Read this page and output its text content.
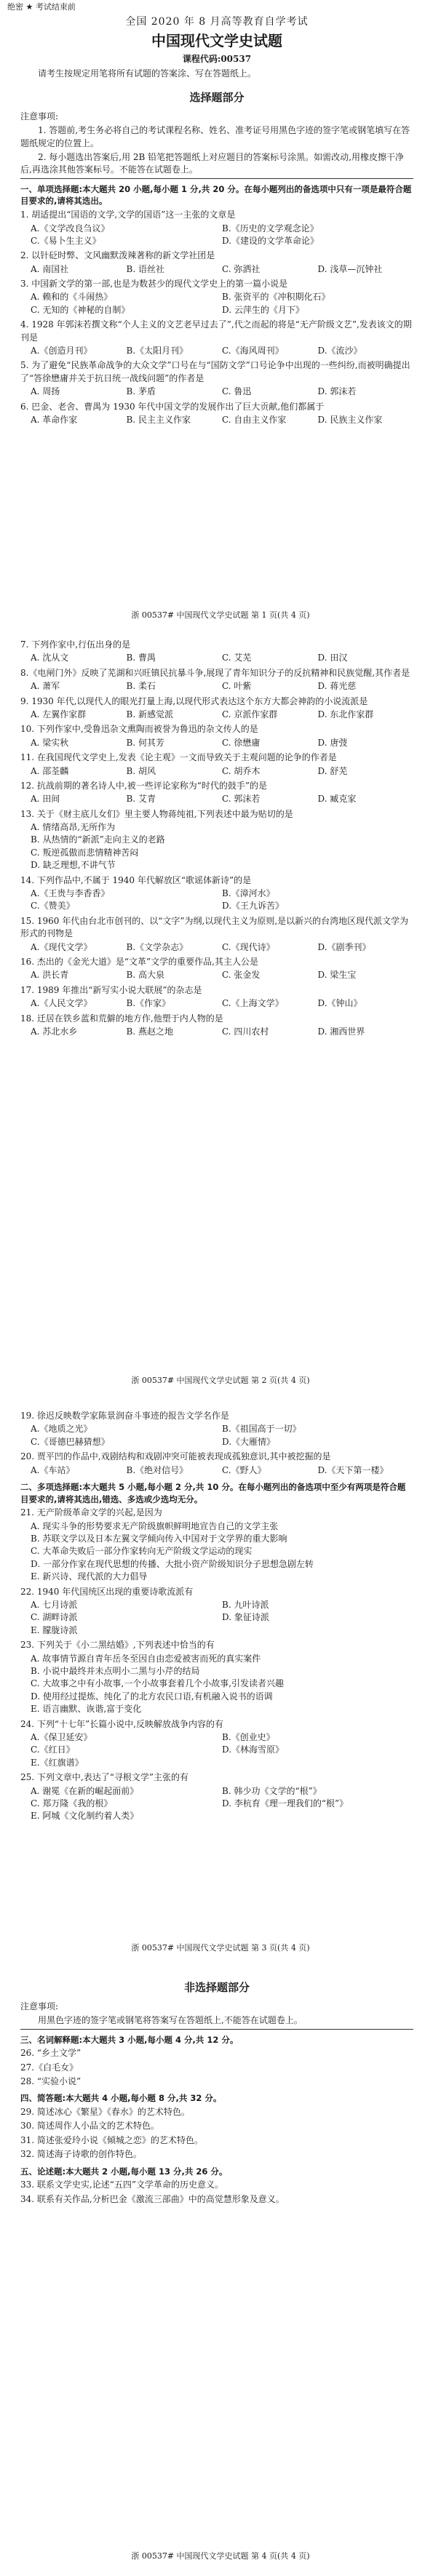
绝密 ★ 考试结束前
全国 2020 年 8 月高等教育自学考试
中国现代文学史试题
课程代码:00537
请考生按规定用笔将所有试题的答案涂、写在答题纸上。
选择题部分
注意事项:
1. 答题前,考生务必将自己的考试课程名称、姓名、准考证号用黑色字迹的签字笔或钢笔填写在答题纸规定的位置上。
2. 每小题选出答案后,用 2B 铅笔把答题纸上对应题目的答案标号涂黑。如需改动,用橡皮擦干净后,再选涂其他答案标号。不能答在试题卷上。
一、单项选择题:本大题共 20 小题,每小题 1 分,共 20 分。在每小题列出的备选项中只有一项是最符合题目要求的,请将其选出。
1. 胡适提出“国语的文学,文学的国语”这一主张的文章是
A.《文学改良刍议》	B.《历史的文学观念论》
C.《易卜生主义》	D.《建设的文学革命论》
2. 以针砭时弊、文风幽默泼辣著称的新文学社团是
A. 南国社	B. 语丝社	C. 弥洒社	D. 浅草—沉钟社
3. 中国新文学的第一部,也是为数甚少的现代文学史上的第一篇小说是
A. 赖和的《斗闹热》	B. 张资平的《冲积期化石》
C. 无知的《神秘的自制》	D. 云萍生的《月下》
4. 1928 年郭沫若撰文称“个人主义的文艺老早过去了”,代之而起的将是“无产阶级文艺”,发表该文的期刊是
A.《创造月刊》	B.《太阳月刊》	C.《海风周刊》	D.《流沙》
5. 为了避免“民族革命战争的大众文学”口号在与“国防文学”口号论争中出现的一些纠纷,而被明确提出了“答徐懋庸并关于抗日统一战线问题”的作者是
A. 周扬	B. 茅盾	C. 鲁迅	D. 郭沫若
6. 巴金、老舍、曹禺为 1930 年代中国文学的发展作出了巨大贡献,他们都属于
A. 革命作家	B. 民主主义作家	C. 自由主义作家	D. 民族主义作家
浙 00537# 中国现代文学史试题 第 1 页(共 4 页)
7. 下列作家中,行伍出身的是
A. 沈从文	B. 曹禺	C. 艾芜	D. 田汉
8.《电闸门外》反映了芜湖和兴旺镇民抗暴斗争,展现了青年知识分子的反抗精神和民族觉醒,其作者是
A. 萧军	B. 柔石	C. 叶紫	D. 蒋光慈
9. 1930 年代,以现代人的眼光打量上海,以现代形式表达这个东方大都会神韵的小说流派是
A. 左翼作家群	B. 新感觉派	C. 京派作家群	D. 东北作家群
10. 下列作家中,受鲁迅杂文熏陶而被誉为鲁迅的杂文传人的是
A. 梁实秋	B. 何其芳	C. 徐懋庸	D. 唐弢
11. 在我国现代文学史上,发表《论主观》一文而导致关于主观问题的论争的作者是
A. 邵荃麟	B. 胡风	C. 胡乔木	D. 舒芜
12. 抗战前期的著名诗人中,被一些评论家称为“时代的鼓手”的是
A. 田间	B. 艾青	C. 郭沫若	D. 臧克家
13. 关于《财主底儿女们》里主要人物蒋纯祖,下列表述中最为贴切的是
A. 情绪高昂,无所作为
B. 从热情的“新派”走向主义的老路
C. 叛逆孤傲而悲情精神苦闷
D. 缺乏理想,不讲气节
14. 下列作品中,不属于 1940 年代解放区“歌谣体新诗”的是
A.《王贵与李香香》	B.《漳河水》
C.《赞美》	D.《王九诉苦》
15. 1960 年代由台北市创刊的、以“文字”为纲,以现代主义为原则,是以新兴的台湾地区现代派文学为形式的刊物是
A.《现代文学》	B.《文学杂志》	C.《现代诗》	D.《剧季刊》
16. 杰出的《金光大道》是“文革”文学的重要作品,其主人公是
A. 洪长青	B. 高大泉	C. 张金发	D. 梁生宝
17. 1989 年推出“新写实小说大联展”的杂志是
A.《人民文学》	B.《作家》	C.《上海文学》	D.《钟山》
18. 迁居在铁乡蓝和荒僻的地方作,他塑于内人物的是
A. 苏北水乡	B. 燕赵之地	C. 四川农村	D. 湘西世界
浙 00537# 中国现代文学史试题 第 2 页(共 4 页)
19. 徐迟反映数学家陈景润奋斗事迹的报告文学名作是
A.《地质之光》	B.《祖国高于一切》
C.《哥德巴赫猜想》	D.《大雁情》
20. 贾平凹的作品中,戏剧结构和戏剧冲突可能被表现成孤独意识,其中被挖掘的是
A.《车站》	B.《绝对信号》	C.《野人》	D.《天下第一楼》
二、多项选择题:本大题共 5 小题,每小题 2 分,共 10 分。在每小题列出的备选项中至少有两项是符合题目要求的,请将其选出,错选、多选或少选均无分。
21. 无产阶级革命文学的兴起,是因为
A. 现实斗争的形势要求无产阶级旗帜鲜明地宣告自己的文学主张
B. 苏联文学以及日本左翼文学倾向传入中国对于文学界的重大影响
C. 大革命失败后一部分作家转向无产阶级文学运动的现实
D. 一部分作家在现代思想的传播、大批小资产阶级知识分子思想急剧左转
E. 新兴诗、现代派的大力倡导
22. 1940 年代国统区出现的重要诗歌流派有
A. 七月诗派	B. 九叶诗派
C. 湖畔诗派	D. 象征诗派
E. 朦胧诗派
23. 下列关于《小二黑结婚》,下列表述中恰当的有
A. 故事情节源自青年岳冬至因自由恋爱被害而死的真实案件
B. 小说中最终并未点明小二黑与小芹的结局
C. 大故事之中有小故事,一个小故事套着几个小故事,引发读者兴趣
D. 使用经过提炼、纯化了的北方农民口语,有机融入说书的语调
E. 语言幽默、诙谐,富于变化
24. 下列“十七年”长篇小说中,反映解放战争内容的有
A.《保卫延安》	B.《创业史》
C.《红日》	D.《林海雪原》
E.《红旗谱》
25. 下列文章中,表达了“寻根文学”主张的有
A. 谢冕《在新的崛起面前》	B. 韩少功《文学的“根”》
C. 郑万隆《我的根》	D. 李杭育《理一理我们的“根”》
E. 阿城《文化制约着人类》
浙 00537# 中国现代文学史试题 第 3 页(共 4 页)
非选择题部分
注意事项:
用黑色字迹的签字笔或钢笔将答案写在答题纸上,不能答在试题卷上。
三、名词解释题:本大题共 3 小题,每小题 4 分,共 12 分。
26. “乡土文学”
27.《白毛女》
28. “实验小说”
四、简答题:本大题共 4 小题,每小题 8 分,共 32 分。
29. 简述冰心《繁星》《春水》的艺术特色。
30. 简述周作人小品文的艺术特色。
31. 简述张爱玲小说《倾城之恋》的艺术特色。
32. 简述海子诗歌的创作特色。
五、论述题:本大题共 2 小题,每小题 13 分,共 26 分。
33. 联系文学史实,论述“五四”文学革命的历史意义。
34. 联系有关作品,分析巴金《激流三部曲》中的高觉慧形象及意义。
浙 00537# 中国现代文学史试题 第 4 页(共 4 页)
